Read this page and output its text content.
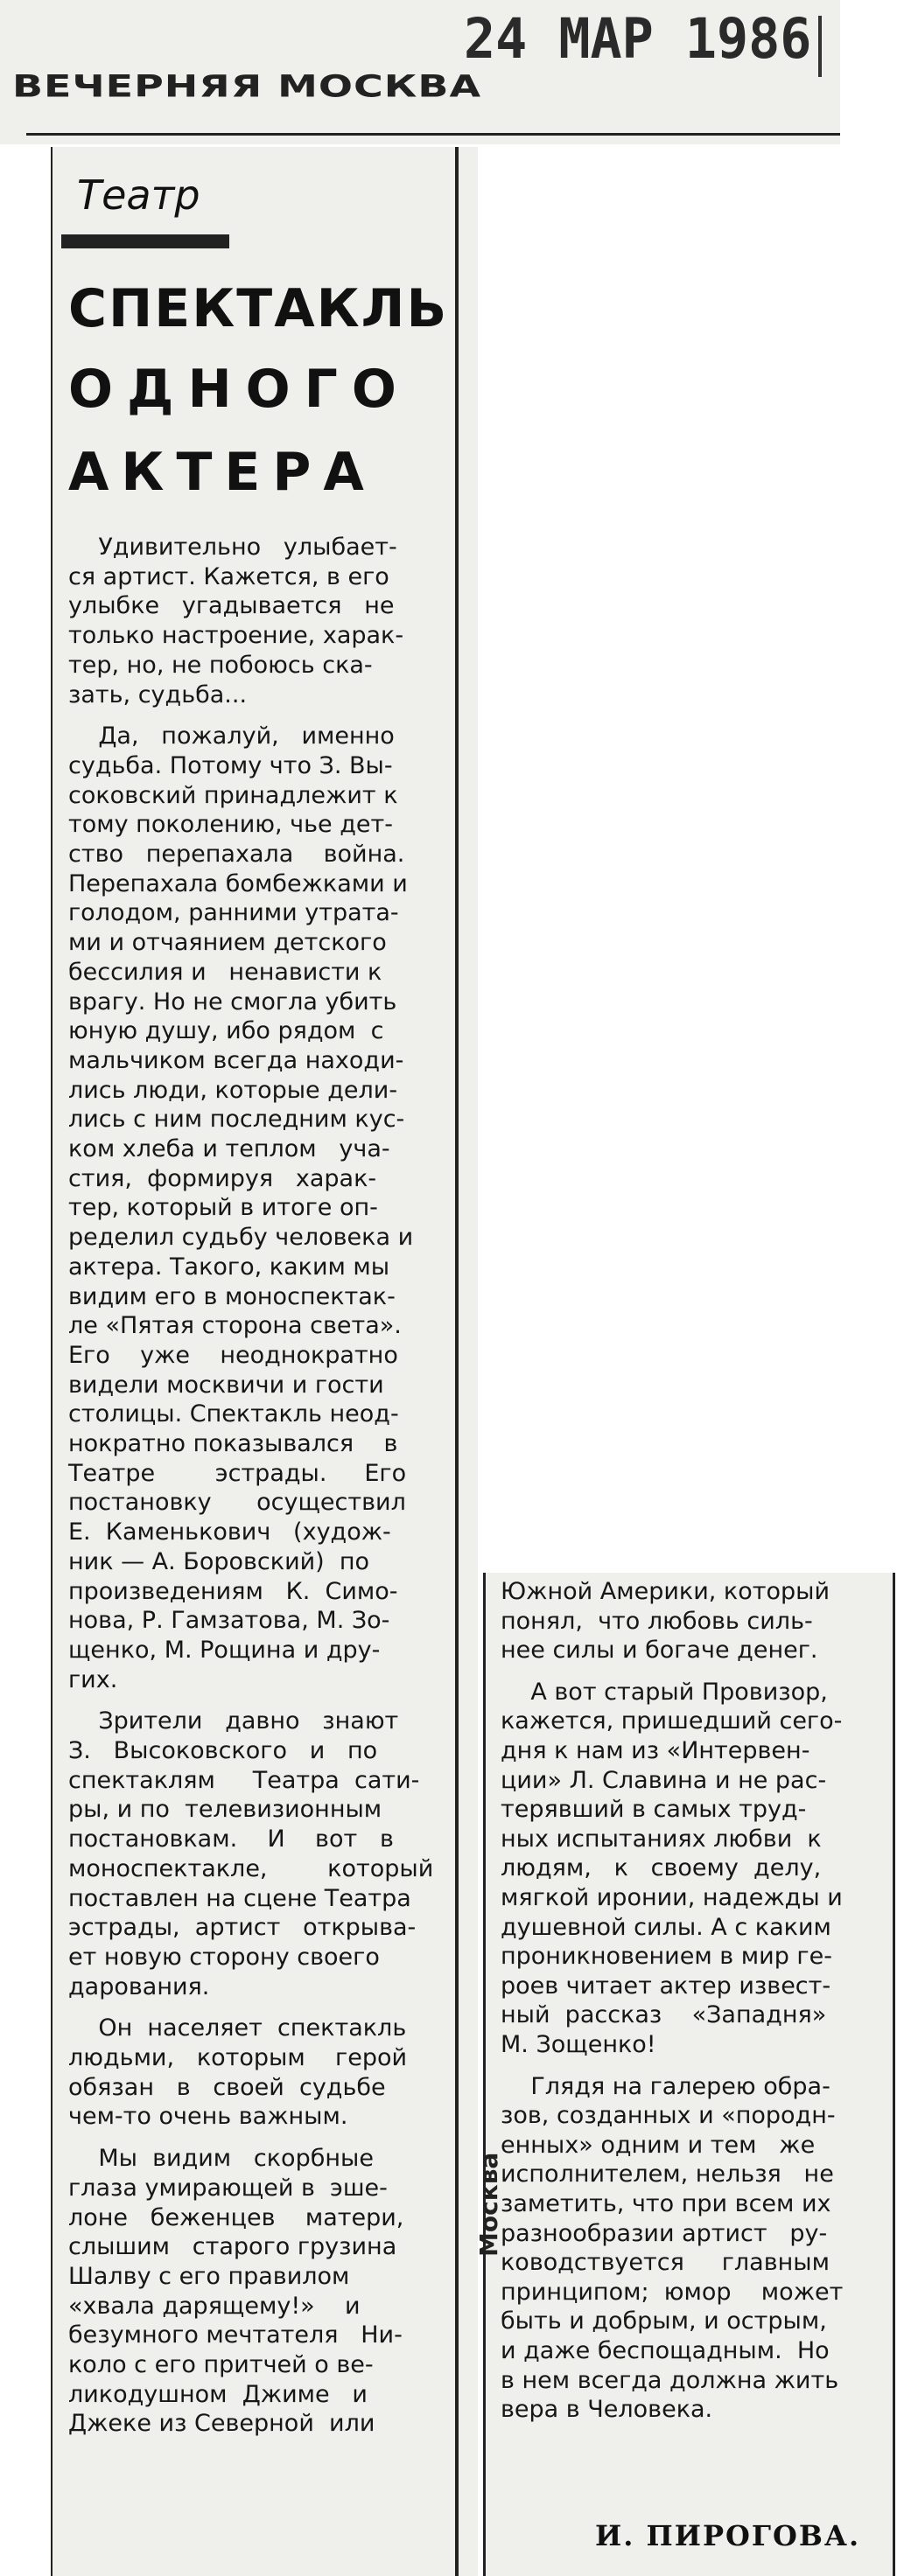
ВЕЧЕРНЯЯ МОСКВА
24 МАР 1986
Театр
СПЕКТАКЛЬ
ОДНОГО
АКТЕРА
Удивительно   улыбает-
ся артист. Кажется, в его
улыбке   угадывается   не
только настроение, харак-
тер, но, не побоюсь ска-
зать, судьба...
Да,   пожалуй,   именно
судьба. Потому что З. Вы-
соковский принадлежит к
тому поколению, чье дет-
ство   перепахала    война.
Перепахала бомбежками и
голодом, ранними утрата-
ми и отчаянием детского
бессилия и   ненависти к
врагу. Но не смогла убить
юную душу, ибо рядом  с
мальчиком всегда находи-
лись люди, которые дели-
лись с ним последним кус-
ком хлеба и теплом   уча-
стия,  формируя   харак-
тер, который в итоге оп-
ределил судьбу человека и
актера. Такого, каким мы
видим его в моноспектак-
ле «Пятая сторона света».
Его    уже    неоднократно
видели москвичи и гости
столицы. Спектакль неод-
нократно показывался    в
Театре        эстрады.     Его
постановку      осуществил
Е.  Каменькович   (худож-
ник — А. Боровский)  по
произведениям   К.  Симо-
нова, Р. Гамзатова, М. Зо-
щенко, М. Рощина и дру-
гих.
Зрители   давно   знают
З.   Высоковского   и   по
спектаклям     Театра  сати-
ры, и по  телевизионным
постановкам.    И    вот   в
моноспектакле,        который
поставлен на сцене Театра
эстрады,  артист   открыва-
ет новую сторону своего
дарования.
Он  населяет  спектакль
людьми,   которым    герой
обязан   в   своей  судьбе
чем-то очень важным.
Мы  видим   скорбные
глаза умирающей в  эше-
лоне   беженцев    матери,
слышим   старого грузина
Шалву с его правилом
«хвала дарящему!»    и
безумного мечтателя   Ни-
коло с его притчей о ве-
ликодушном  Джиме   и
Джеке из Северной  или
Южной Америки, который
понял,  что любовь силь-
нее силы и богаче денег.
А вот старый Провизор,
кажется, пришедший сего-
дня к нам из «Интервен-
ции» Л. Славина и не рас-
терявший в самых труд-
ных испытаниях любви  к
людям,   к   своему  делу,
мягкой иронии, надежды и
душевной силы. А с каким
проникновением в мир ге-
роев читает актер извест-
ный  рассказ    «Западня»
М. Зощенко!
Глядя на галерею обра-
зов, созданных и «породн-
енных» одним и тем   же
исполнителем, нельзя   не
заметить, что при всем их
разнообразии артист   ру-
ководствуется     главным
принципом;  юмор    может
быть и добрым, и острым,
и даже беспощадным.  Но
в нем всегда должна жить
вера в Человека.
Москва
И. ПИРОГОВА.
